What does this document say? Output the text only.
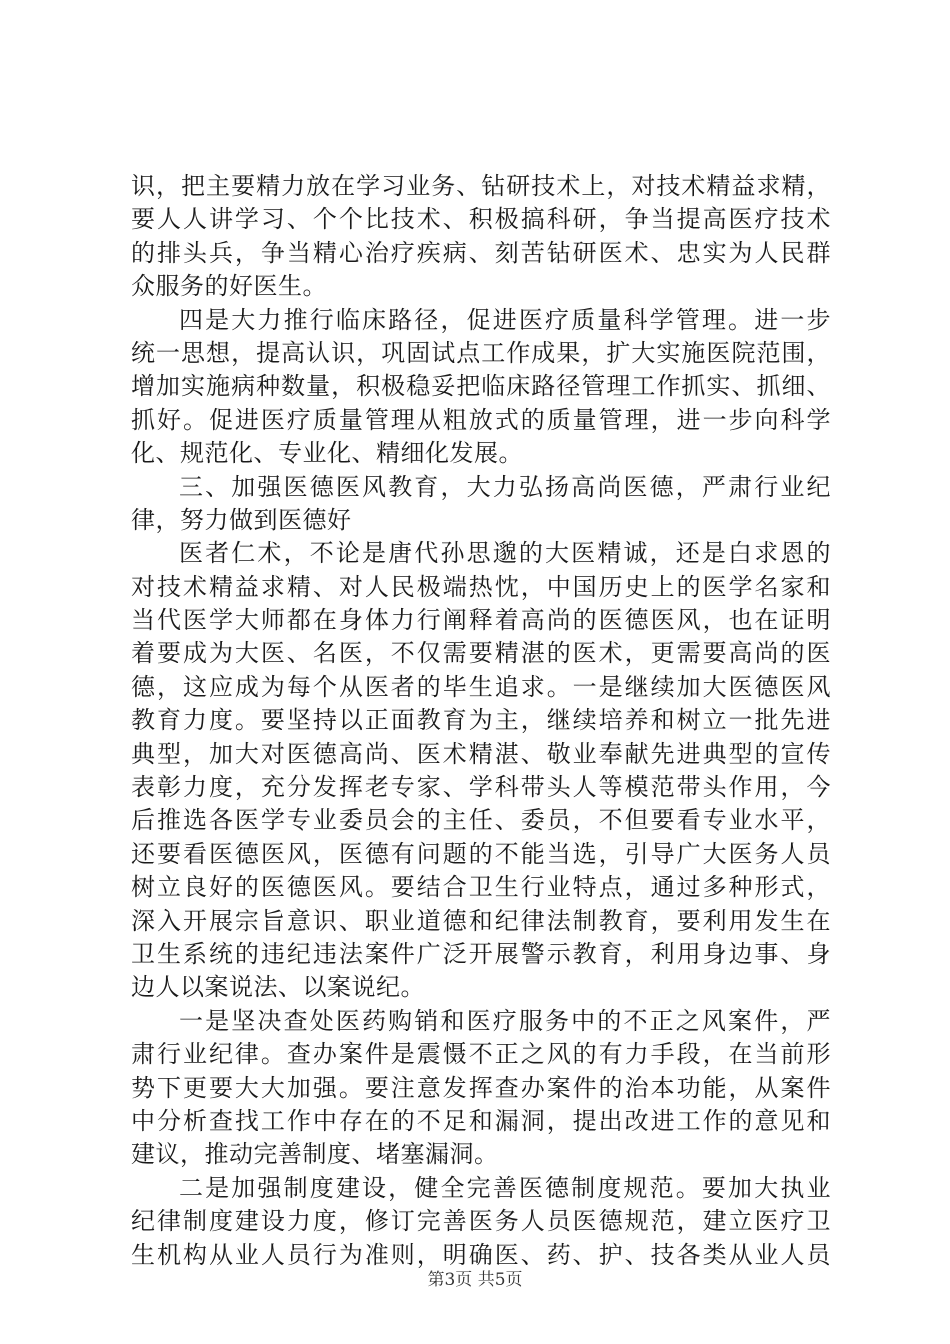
识，把主要精力放在学习业务、钻研技术上，对技术精益求精，
要人人讲学习、个个比技术、积极搞科研，争当提高医疗技术
的排头兵，争当精心治疗疾病、刻苦钻研医术、忠实为人民群
众服务的好医生。
四是大力推行临床路径，促进医疗质量科学管理。进一步
统一思想，提高认识，巩固试点工作成果，扩大实施医院范围，
增加实施病种数量，积极稳妥把临床路径管理工作抓实、抓细、
抓好。促进医疗质量管理从粗放式的质量管理，进一步向科学
化、规范化、专业化、精细化发展。
三、加强医德医风教育，大力弘扬高尚医德，严肃行业纪
律，努力做到医德好
医者仁术，不论是唐代孙思邈的大医精诚，还是白求恩的
对技术精益求精、对人民极端热忱，中国历史上的医学名家和
当代医学大师都在身体力行阐释着高尚的医德医风，也在证明
着要成为大医、名医，不仅需要精湛的医术，更需要高尚的医
德，这应成为每个从医者的毕生追求。一是继续加大医德医风
教育力度。要坚持以正面教育为主，继续培养和树立一批先进
典型，加大对医德高尚、医术精湛、敬业奉献先进典型的宣传
表彰力度，充分发挥老专家、学科带头人等模范带头作用，今
后推选各医学专业委员会的主任、委员，不但要看专业水平，
还要看医德医风，医德有问题的不能当选，引导广大医务人员
树立良好的医德医风。要结合卫生行业特点，通过多种形式，
深入开展宗旨意识、职业道德和纪律法制教育，要利用发生在
卫生系统的违纪违法案件广泛开展警示教育，利用身边事、身
边人以案说法、以案说纪。
一是坚决查处医药购销和医疗服务中的不正之风案件，严
肃行业纪律。查办案件是震慑不正之风的有力手段，在当前形
势下更要大大加强。要注意发挥查办案件的治本功能，从案件
中分析查找工作中存在的不足和漏洞，提出改进工作的意见和
建议，推动完善制度、堵塞漏洞。
二是加强制度建设，健全完善医德制度规范。要加大执业
纪律制度建设力度，修订完善医务人员医德规范，建立医疗卫
生机构从业人员行为准则，明确医、药、护、技各类从业人员
第3页 共5页
